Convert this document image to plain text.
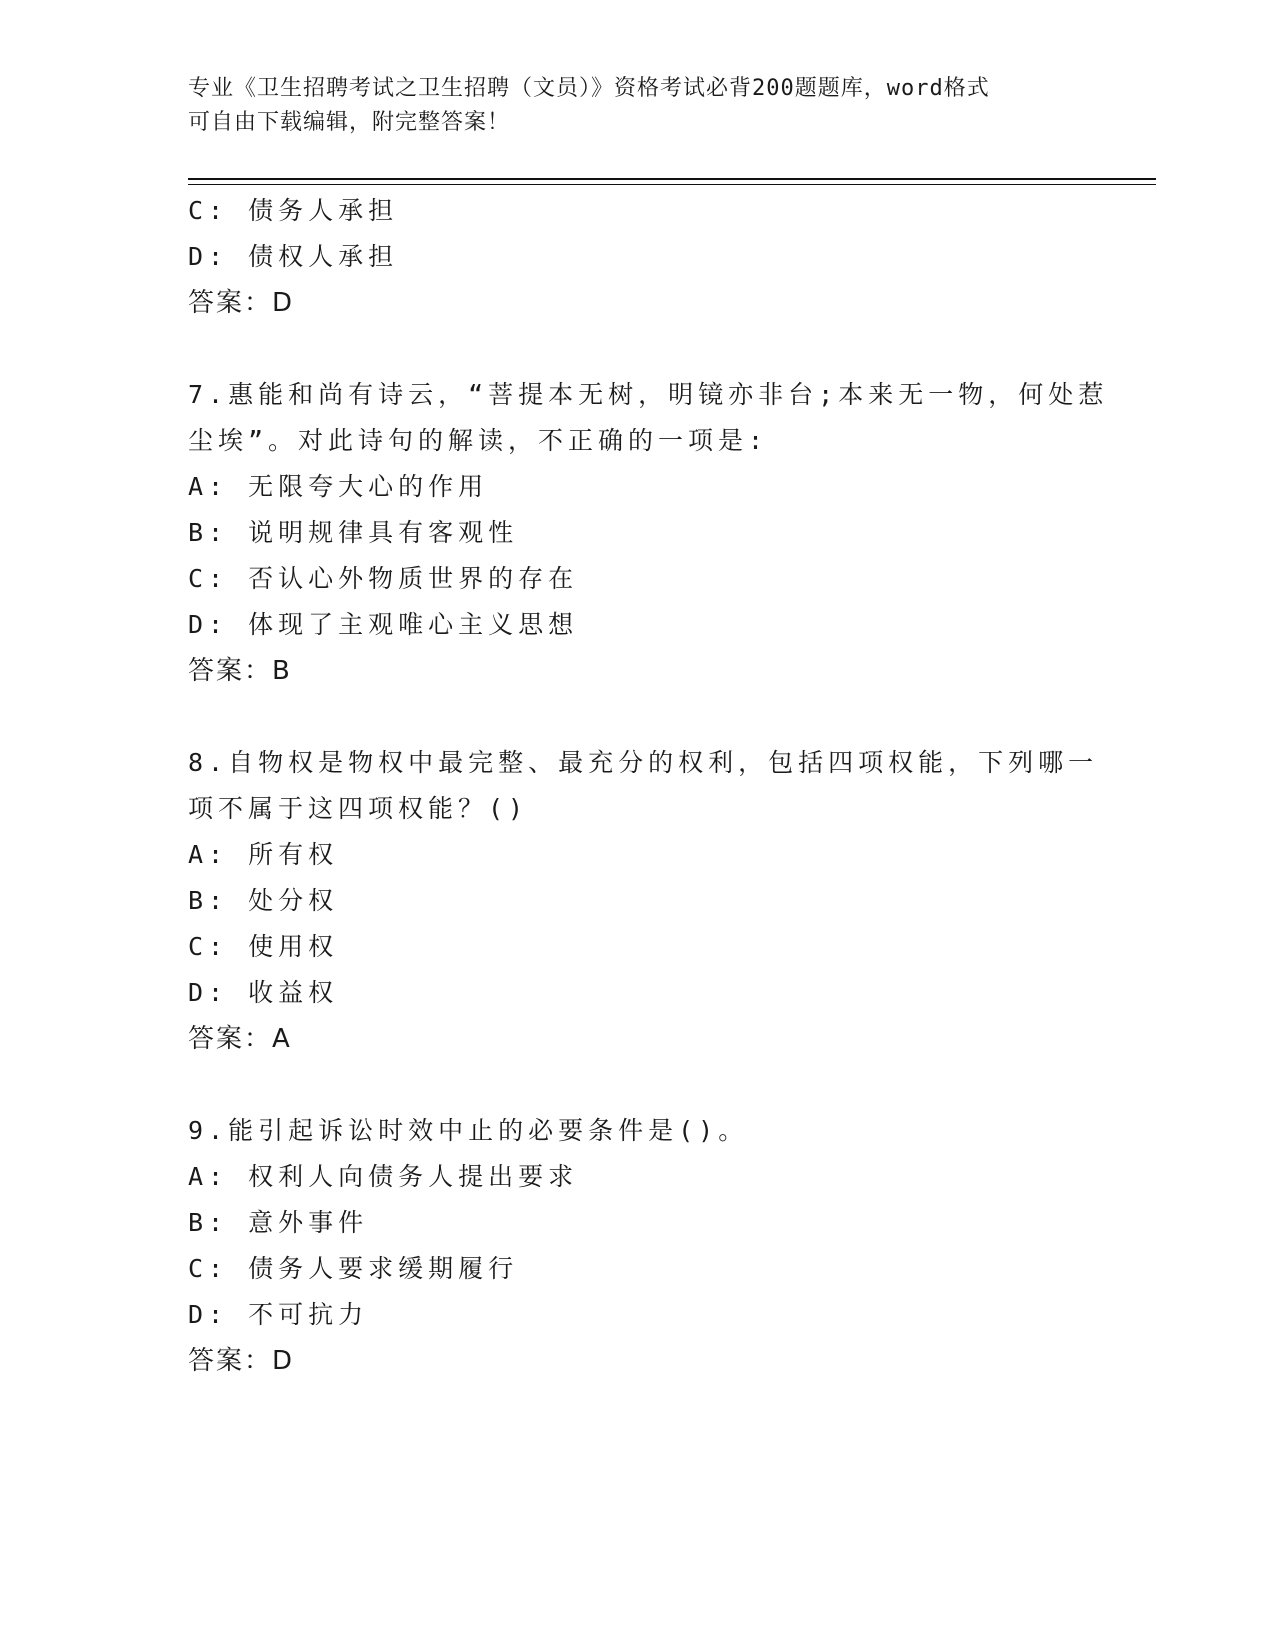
专业《卫生招聘考试之卫生招聘（文员）》资格考试必背200题题库，word格式
可自由下载编辑，附完整答案！
C: 债务人承担
D: 债权人承担
答案：D
7.惠能和尚有诗云，“菩提本无树，明镜亦非台;本来无一物，何处惹
尘埃”。对此诗句的解读，不正确的一项是:
A: 无限夸大心的作用
B: 说明规律具有客观性
C: 否认心外物质世界的存在
D: 体现了主观唯心主义思想
答案：B
8.自物权是物权中最完整、最充分的权利，包括四项权能，下列哪一
项不属于这四项权能？()
A: 所有权
B: 处分权
C: 使用权
D: 收益权
答案：A
9.能引起诉讼时效中止的必要条件是()。
A: 权利人向债务人提出要求
B: 意外事件
C: 债务人要求缓期履行
D: 不可抗力
答案：D
